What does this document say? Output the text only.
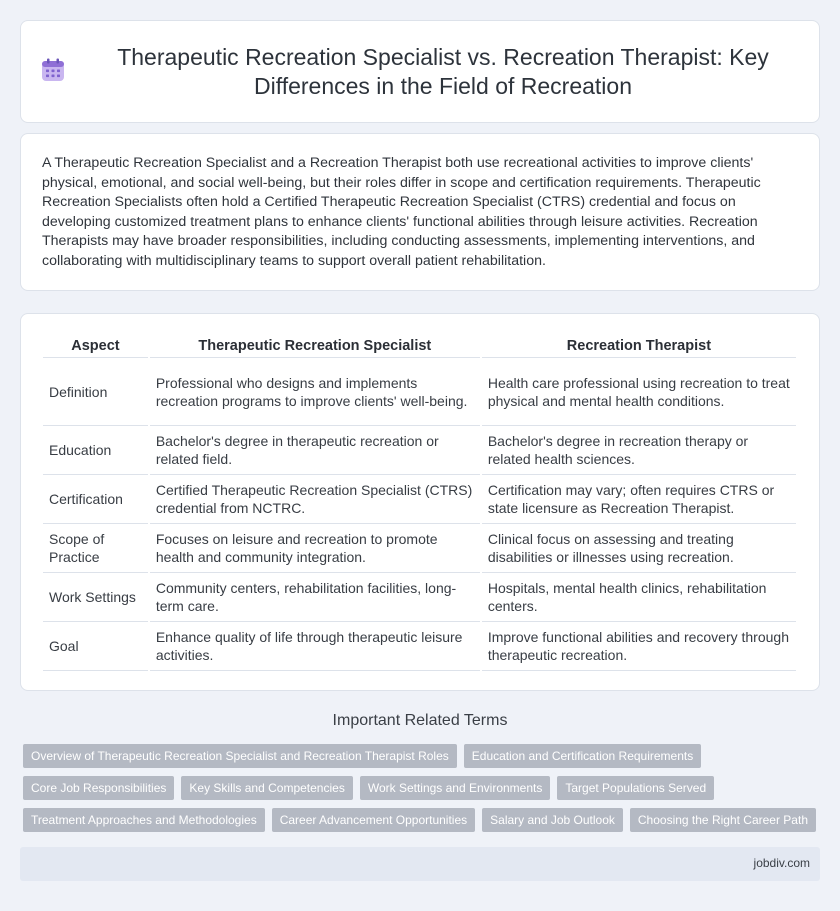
Therapeutic Recreation Specialist vs. Recreation Therapist: Key Differences in the Field of Recreation

A Therapeutic Recreation Specialist and a Recreation Therapist both use recreational activities to improve clients' physical, emotional, and social well-being, but their roles differ in scope and certification requirements. Therapeutic Recreation Specialists often hold a Certified Therapeutic Recreation Specialist (CTRS) credential and focus on developing customized treatment plans to enhance clients' functional abilities through leisure activities. Recreation Therapists may have broader responsibilities, including conducting assessments, implementing interventions, and collaborating with multidisciplinary teams to support overall patient rehabilitation.

Aspect	Therapeutic Recreation Specialist	Recreation Therapist
Definition	Professional who designs and implements recreation programs to improve clients' well-being.	Health care professional using recreation to treat physical and mental health conditions.
Education	Bachelor's degree in therapeutic recreation or related field.	Bachelor's degree in recreation therapy or related health sciences.
Certification	Certified Therapeutic Recreation Specialist (CTRS) credential from NCTRC.	Certification may vary; often requires CTRS or state licensure as Recreation Therapist.
Scope of Practice	Focuses on leisure and recreation to promote health and community integration.	Clinical focus on assessing and treating disabilities or illnesses using recreation.
Work Settings	Community centers, rehabilitation facilities, long-term care.	Hospitals, mental health clinics, rehabilitation centers.
Goal	Enhance quality of life through therapeutic leisure activities.	Improve functional abilities and recovery through therapeutic recreation.
Important Related Terms
Overview of Therapeutic Recreation Specialist and Recreation Therapist Roles	Education and Certification Requirements
Core Job Responsibilities	Key Skills and Competencies	Work Settings and Environments	Target Populations Served
Treatment Approaches and Methodologies	Career Advancement Opportunities	Salary and Job Outlook	Choosing the Right Career Path
jobdiv.com
